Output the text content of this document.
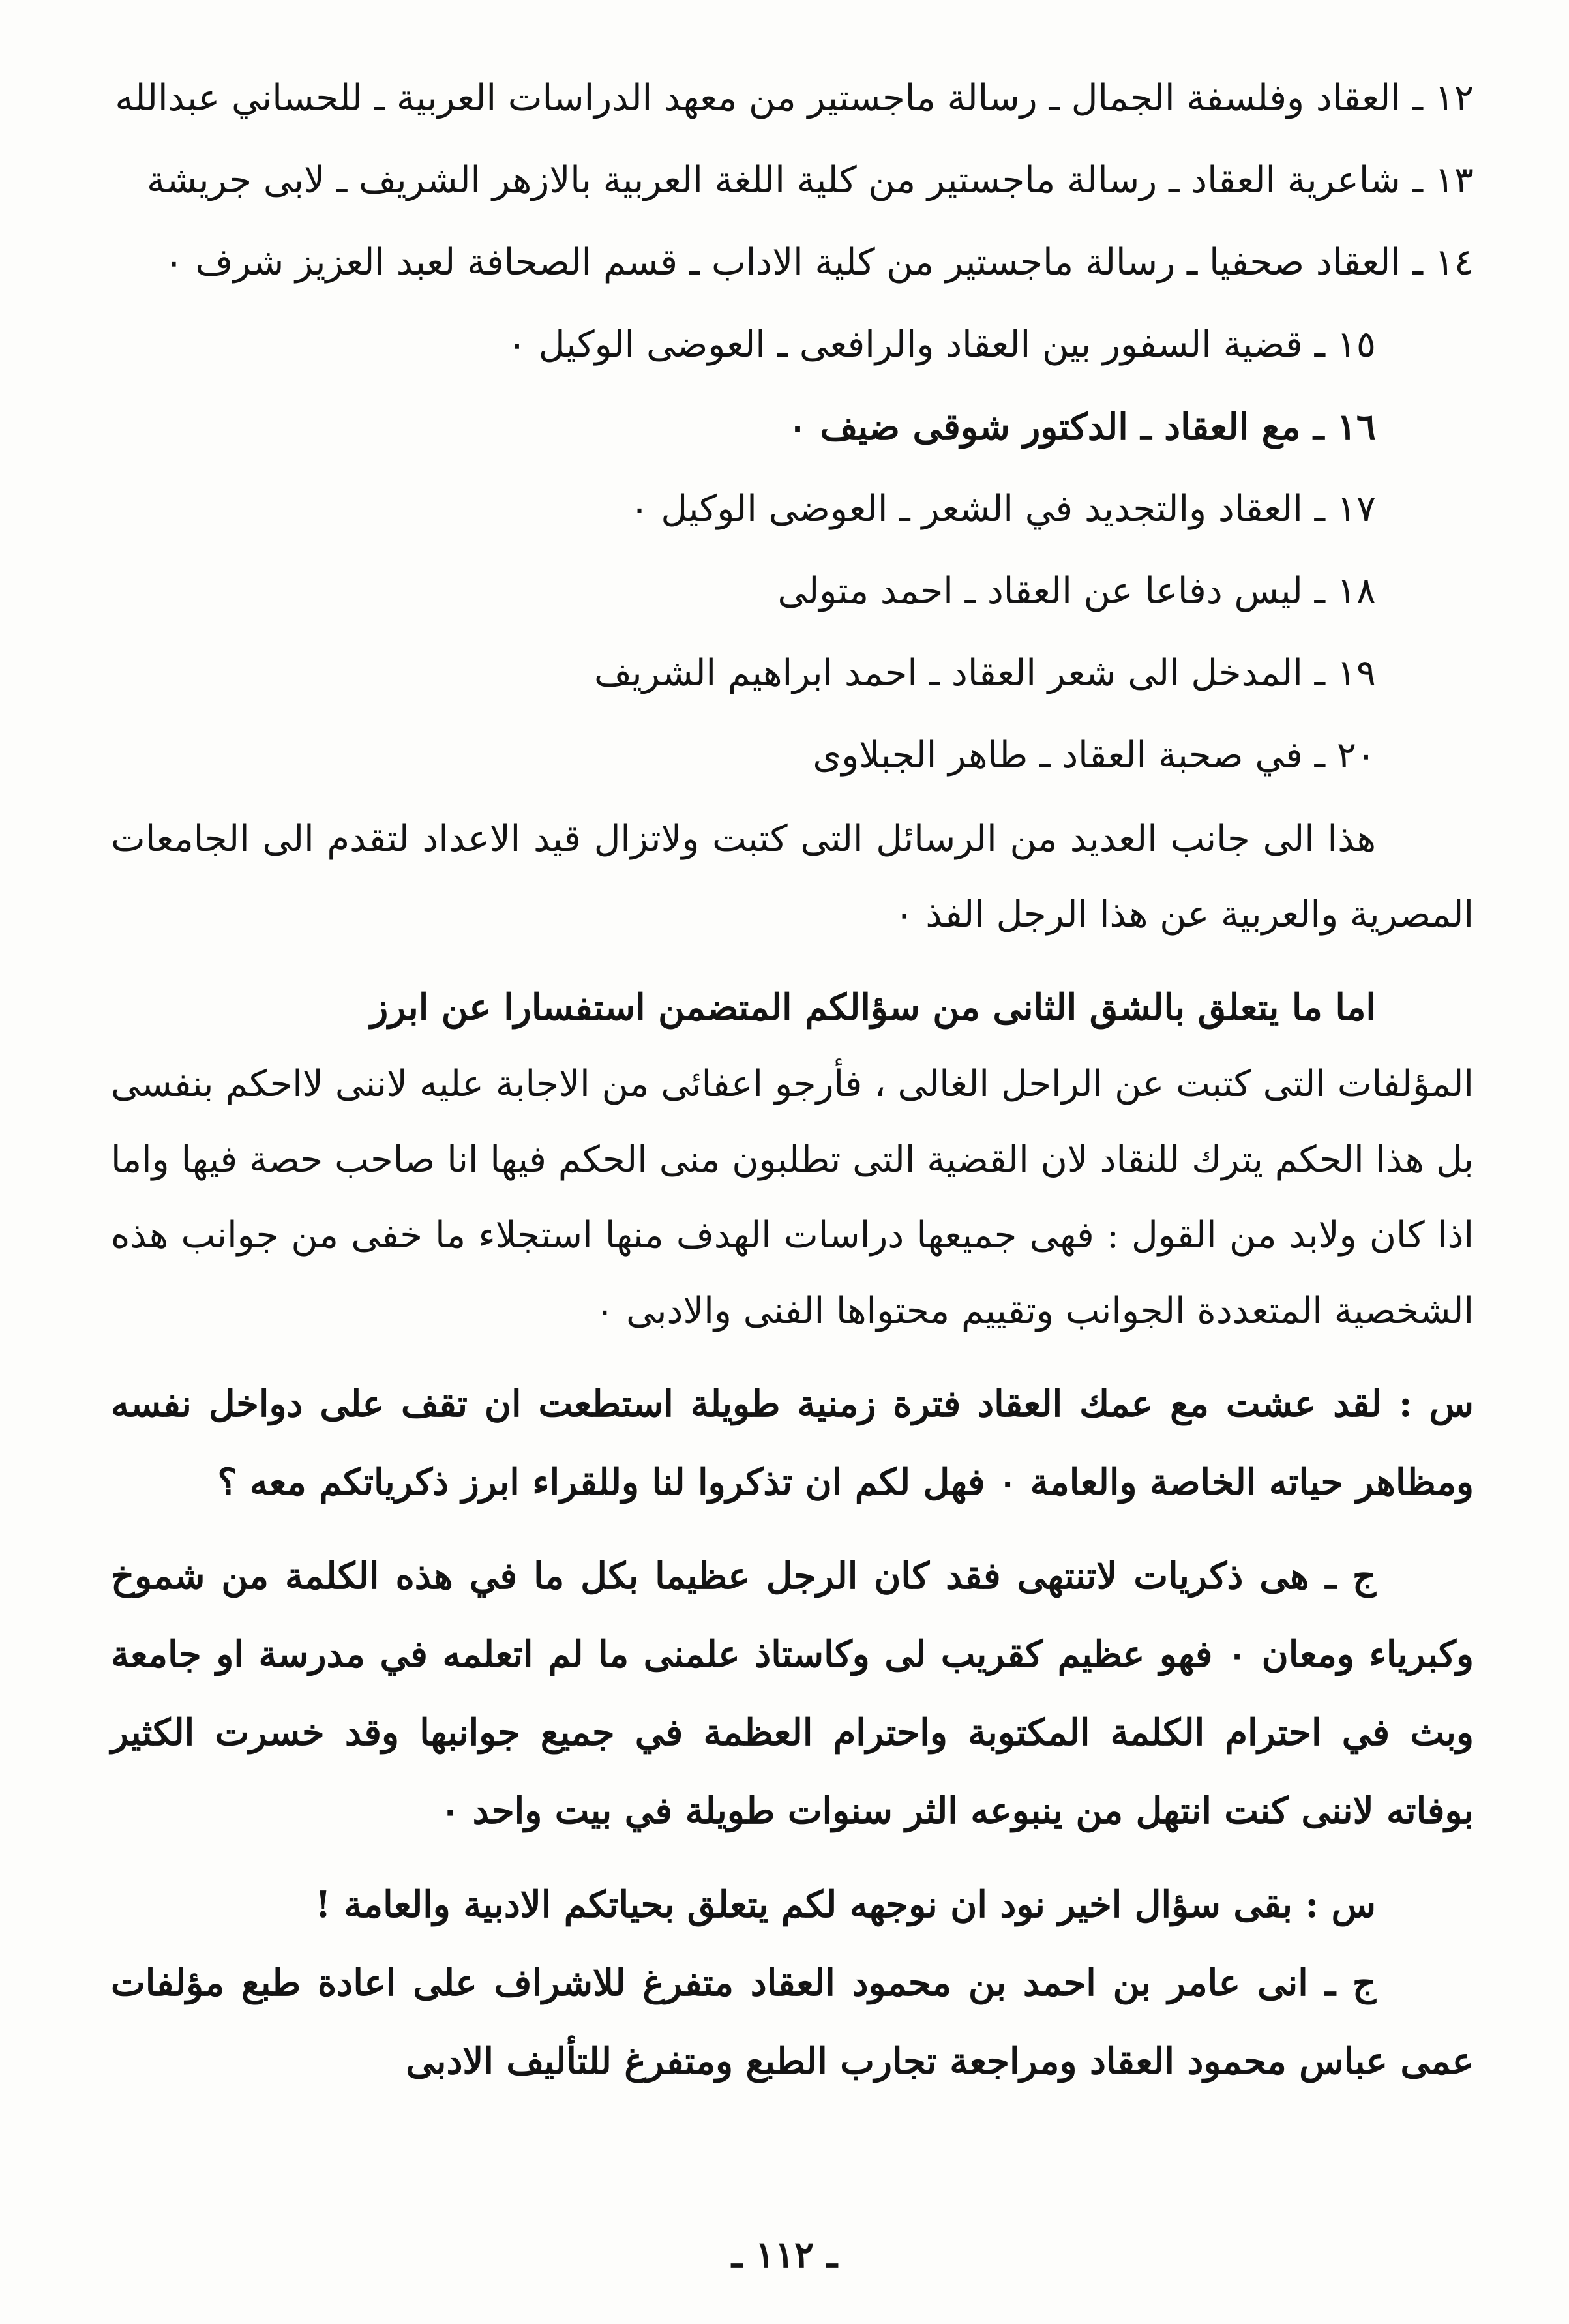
١٢ ـ العقاد وفلسفة الجمال ـ رسالة ماجستير من معهد الدراسات العربية ـ للحساني عبدالله
١٣ ـ شاعرية العقاد ـ رسالة ماجستير من كلية اللغة العربية بالازهر الشريف ـ لابى جريشة
١٤ ـ العقاد صحفيا ـ رسالة ماجستير من كلية الاداب ـ قسم الصحافة لعبد العزيز شرف ٠
١٥ ـ قضية السفور بين العقاد والرافعى ـ العوضى الوكيل ٠
١٦ ـ مع العقاد ـ الدكتور شوقى ضيف ٠
١٧ ـ العقاد والتجديد في الشعر ـ العوضى الوكيل ٠
١٨ ـ ليس دفاعا عن العقاد ـ احمد متولى
١٩ ـ المدخل الى شعر العقاد ـ احمد ابراهيم الشريف
٢٠ ـ في صحبة العقاد ـ طاهر الجبلاوى
هذا الى جانب العديد من الرسائل التى كتبت ولاتزال قيد الاعداد لتقدم الى الجامعات المصرية والعربية عن هذا الرجل الفذ ٠
اما ما يتعلق بالشق الثانى من سؤالكم المتضمن استفسارا عن ابرز
المؤلفات التى كتبت عن الراحل الغالى ، فأرجو اعفائى من الاجابة عليه لاننى لااحكم بنفسى بل هذا الحكم يترك للنقاد لان القضية التى تطلبون منى الحكم فيها انا صاحب حصة فيها واما اذا كان ولابد من القول : فهى جميعها دراسات الهدف منها استجلاء ما خفى من جوانب هذه الشخصية المتعددة الجوانب وتقييم محتواها الفنى والادبى ٠
س : لقد عشت مع عمك العقاد فترة زمنية طويلة استطعت ان تقف على دواخل نفسه ومظاهر حياته الخاصة والعامة ٠ فهل لكم ان تذكروا لنا وللقراء ابرز ذكرياتكم معه ؟
ج ـ هى ذكريات لاتنتهى فقد كان الرجل عظيما بكل ما في هذه الكلمة من شموخ وكبرياء ومعان ٠ فهو عظيم كقريب لى وكاستاذ علمنى ما لم اتعلمه في مدرسة او جامعة وبث في احترام الكلمة المكتوبة واحترام العظمة في جميع جوانبها وقد خسرت الكثير بوفاته لاننى كنت انتهل من ينبوعه الثر سنوات طويلة في بيت واحد ٠
س : بقى سؤال اخير نود ان نوجهه لكم يتعلق بحياتكم الادبية والعامة !
ج ـ انى عامر بن احمد بن محمود العقاد متفرغ للاشراف على اعادة طبع مؤلفات عمى عباس محمود العقاد ومراجعة تجارب الطبع ومتفرغ للتأليف الادبى
ـ ١١٢ ـ
